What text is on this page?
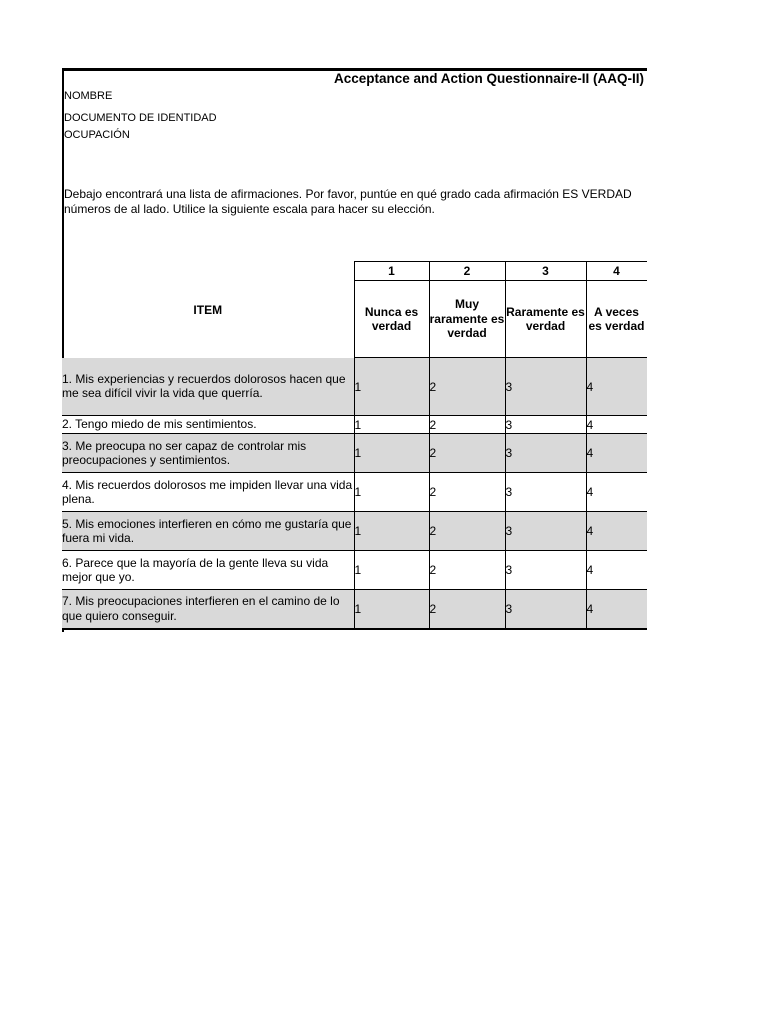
Acceptance and Action Questionnaire-II (AAQ-II)
NOMBRE
DOCUMENTO DE IDENTIDAD
OCUPACIÓN
Debajo encontrará una lista de afirmaciones. Por favor, puntúe en qué grado cada afirmación ES VERDAD
números de al lado. Utilice la siguiente escala para hacer su elección.
ITEM	1	2	3	4
	Nunca es verdad	Muy raramente es verdad	Raramente es verdad	A veces es verdad
1. Mis experiencias y recuerdos dolorosos hacen que me sea difícil vivir la vida que querría.	1	2	3	4
2. Tengo miedo de mis sentimientos.	1	2	3	4
3. Me preocupa no ser capaz de controlar mis preocupaciones y sentimientos.	1	2	3	4
4. Mis recuerdos dolorosos me impiden llevar una vida plena.	1	2	3	4
5. Mis emociones interfieren en cómo me gustaría que fuera mi vida.	1	2	3	4
6. Parece que la mayoría de la gente lleva su vida mejor que yo.	1	2	3	4
7. Mis preocupaciones interfieren en el camino de lo que quiero conseguir.	1	2	3	4
